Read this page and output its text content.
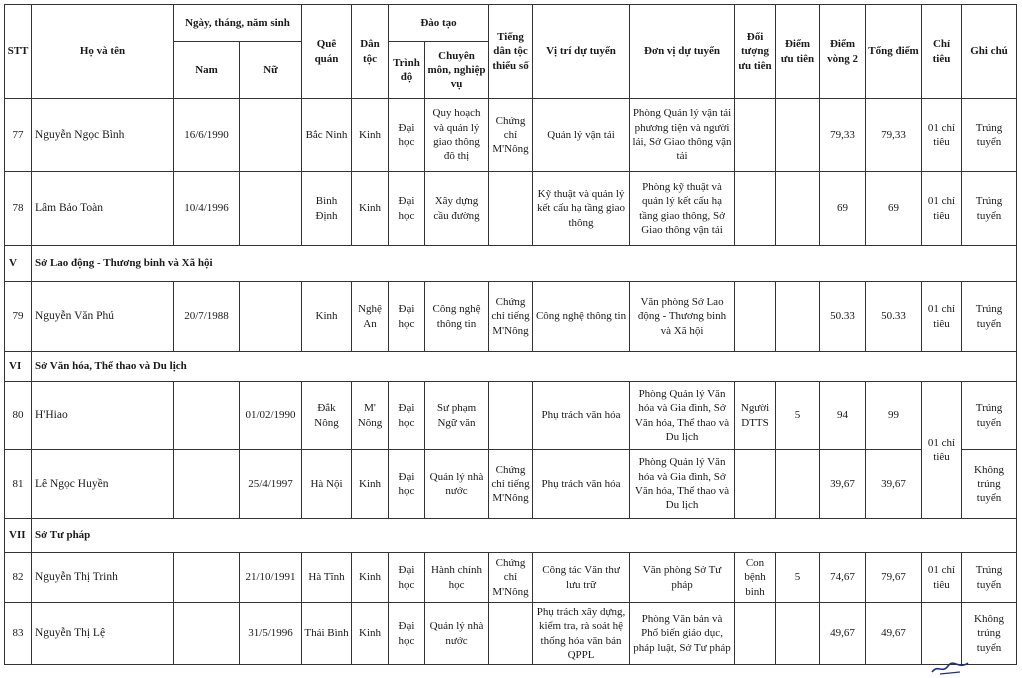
STT	Họ và tên	Ngày, tháng, năm sinh		Quê quán	Dân tộc	Đào tạo		Tiếng dân tộc thiểu số	Vị trí dự tuyển	Đơn vị dự tuyển	Đối tượng ưu tiên	Điểm ưu tiên	Điểm vòng 2	Tổng điểm	Chỉ tiêu	Ghi chú
		Nam	Nữ			Trình độ	Chuyên môn, nghiệp vụ									
77	Nguyễn Ngọc Bình	16/6/1990		Bắc Ninh	Kinh	Đại học	Quy hoạch và quản lý giao thông đô thị	Chứng chỉ M'Nông	Quản lý vận tải	Phòng Quản lý vận tải phương tiện và người lái, Sở Giao thông vận tải			79,33	79,33	01 chỉ tiêu	Trúng tuyển
78	Lâm Bảo Toàn	10/4/1996		Bình Định	Kinh	Đại học	Xây dựng cầu đường		Kỹ thuật và quản lý kết cấu hạ tầng giao thông	Phòng kỹ thuật và quản lý kết cấu hạ tầng giao thông, Sở Giao thông vận tải			69	69	01 chỉ tiêu	Trúng tuyển
V	Sở Lao động - Thương binh và Xã hội															
79	Nguyễn Văn Phú	20/7/1988		Kinh	Nghệ An	Đại học	Công nghệ thông tin	Chứng chỉ tiếng M'Nông	Công nghệ thông tin	Văn phòng Sở Lao động - Thương binh và Xã hội			50.33	50.33	01 chỉ tiêu	Trúng tuyển
VI	Sở Văn hóa, Thể thao và Du lịch															
80	H'Hiao		01/02/1990	Đắk Nông	M' Nông	Đại học	Sư phạm Ngữ văn		Phụ trách văn hóa	Phòng Quản lý Văn hóa và Gia đình, Sở Văn hóa, Thể thao và Du lịch	Người DTTS	5	94	99	01 chỉ tiêu	Trúng tuyển
81	Lê Ngọc Huyền		25/4/1997	Hà Nội	Kinh	Đại học	Quản lý nhà nước	Chứng chỉ tiếng M'Nông	Phụ trách văn hóa	Phòng Quản lý Văn hóa và Gia đình, Sở Văn hóa, Thể thao và Du lịch			39,67	39,67		Không trúng tuyển
VII	Sở Tư pháp															
82	Nguyễn Thị Trinh		21/10/1991	Hà Tĩnh	Kinh	Đại học	Hành chính học	Chứng chỉ M'Nông	Công tác Văn thư lưu trữ	Văn phòng Sở Tư pháp	Con bệnh binh	5	74,67	79,67	01 chỉ tiêu	Trúng tuyển
83	Nguyễn Thị Lệ		31/5/1996	Thái Bình	Kinh	Đại học	Quản lý nhà nước		Phụ trách xây dựng, kiểm tra, rà soát hệ thống hóa văn bản QPPL	Phòng Văn bản và Phổ biến giáo dục, pháp luật, Sở Tư pháp			49,67	49,67		Không trúng tuyển
